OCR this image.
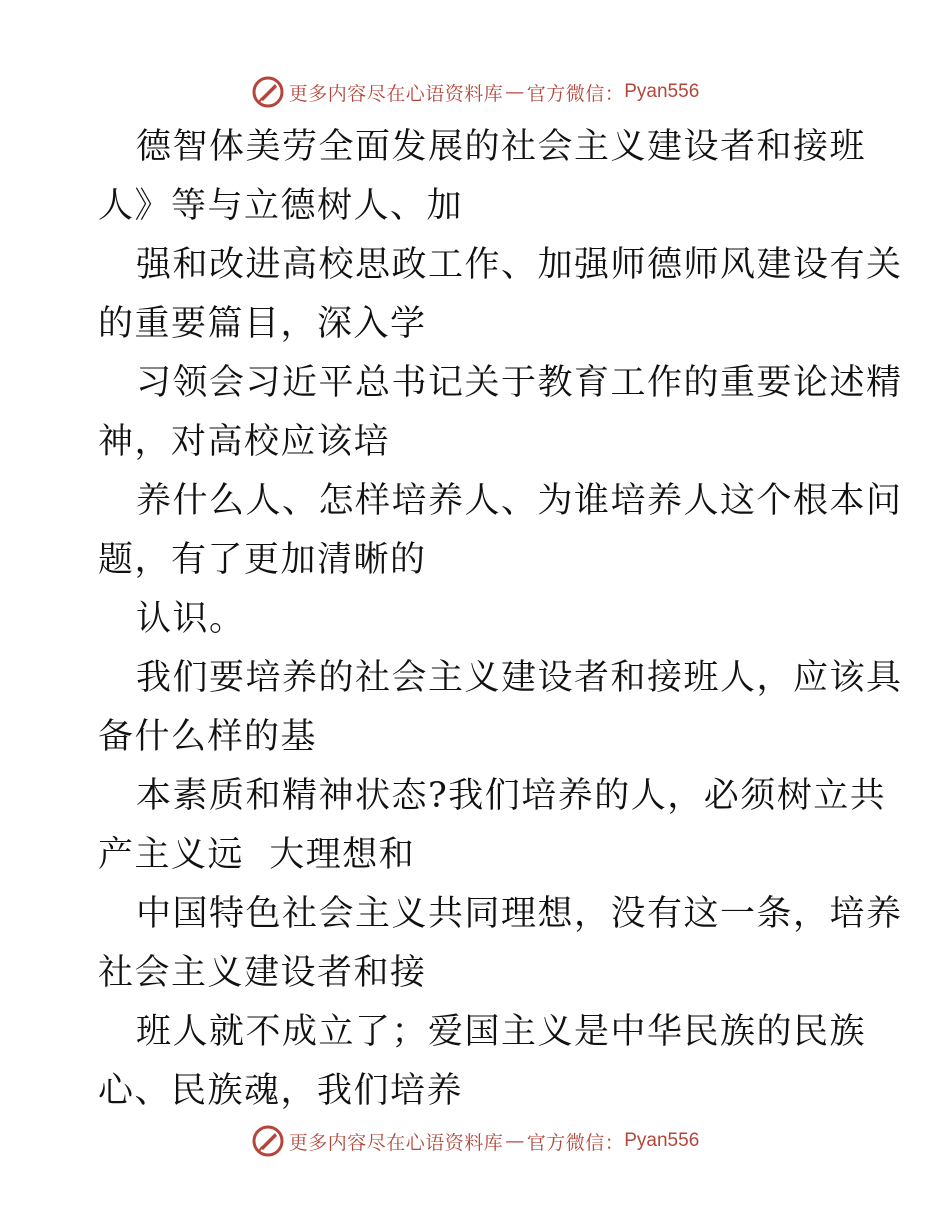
更多内容尽在心语资料库 — 官方微信： Pyan556
德智体美劳全面发展的社会主义建设者和接班
人》等与立德树人、加
强和改进高校思政工作、加强师德师风建设有关
的重要篇目，深入学
习领会习近平总书记关于教育工作的重要论述精
神，对高校应该培
养什么人、怎样培养人、为谁培养人这个根本问
题，有了更加清晰的
认识。
我们要培养的社会主义建设者和接班人，应该具
备什么样的基
本素质和精神状态?我们培养的人，必须树立共
产主义远  大理想和
中国特色社会主义共同理想，没有这一条，培养
社会主义建设者和接
班人就不成立了；爱国主义是中华民族的民族
心、民族魂，我们培养
更多内容尽在心语资料库 — 官方微信： Pyan556
